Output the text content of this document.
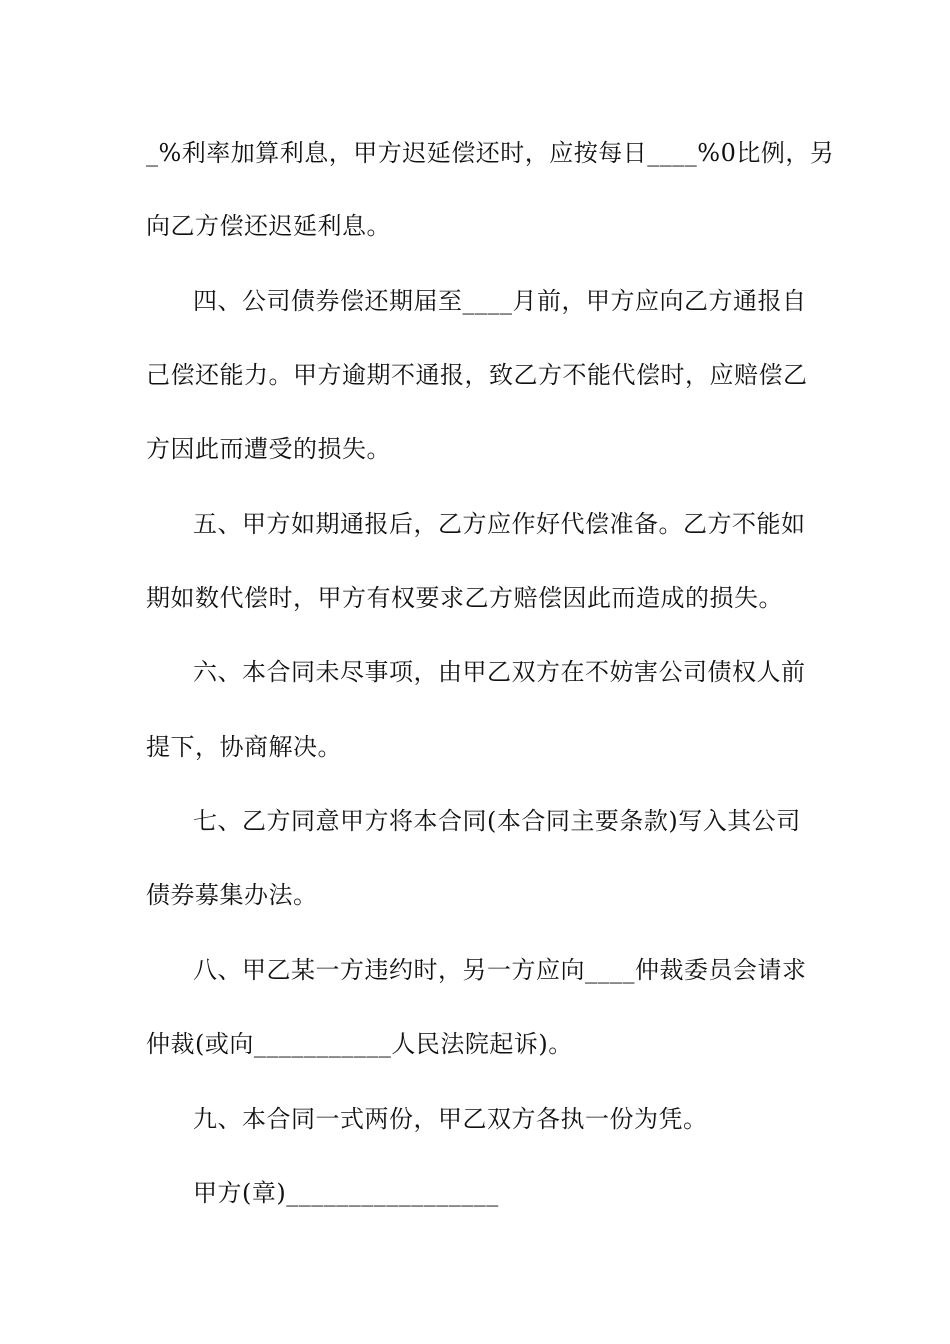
_%利率加算利息，甲方迟延偿还时，应按每日____%0比例，另
向乙方偿还迟延利息。
四、公司债券偿还期届至____月前，甲方应向乙方通报自
己偿还能力。甲方逾期不通报，致乙方不能代偿时，应赔偿乙
方因此而遭受的损失。
五、甲方如期通报后，乙方应作好代偿准备。乙方不能如
期如数代偿时，甲方有权要求乙方赔偿因此而造成的损失。
六、本合同未尽事项，由甲乙双方在不妨害公司债权人前
提下，协商解决。
七、乙方同意甲方将本合同(本合同主要条款)写入其公司
债券募集办法。
八、甲乙某一方违约时，另一方应向____仲裁委员会请求
仲裁(或向___________人民法院起诉)。
九、本合同一式两份，甲乙双方各执一份为凭。
甲方(章)_________________
